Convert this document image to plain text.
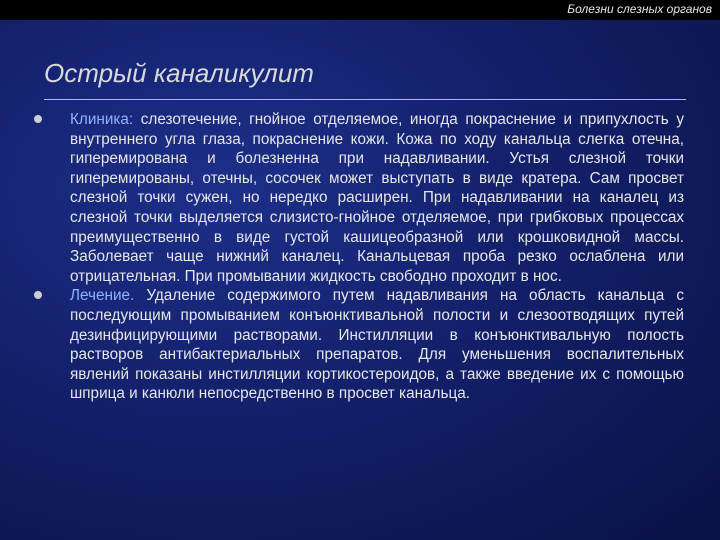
Болезни слезных органов
Острый каналикулит

Клиника: слезотечение, гнойное отделяемое, иногда покраснение и припухлость у внутреннего угла глаза, покраснение кожи. Кожа по ходу канальца слегка отечна, гиперемирована и болезненна при надавливании. Устья слезной точки гиперемированы, отечны, сосочек может выступать в виде кратера. Сам просвет слезной точки сужен, но нередко расширен. При надавливании на каналец из слезной точки выделяется слизисто-гнойное отделяемое, при грибковых процессах преимущественно в виде густой кашицеобразной или крошковидной массы. Заболевает чаще нижний каналец. Канальцевая проба резко ослаблена или отрицательная. При промывании жидкость свободно проходит в нос.

Лечение. Удаление содержимого путем надавливания на область канальца с последующим промыванием конъюнктивальной полости и слезоотводящих путей дезинфицирующими растворами. Инстилляции в конъюнктивальную полость растворов антибактериальных препаратов. Для уменьшения воспалительных явлений показаны инстилляции кортикостероидов, а также введение их с помощью шприца и канюли непосредственно в просвет канальца.
